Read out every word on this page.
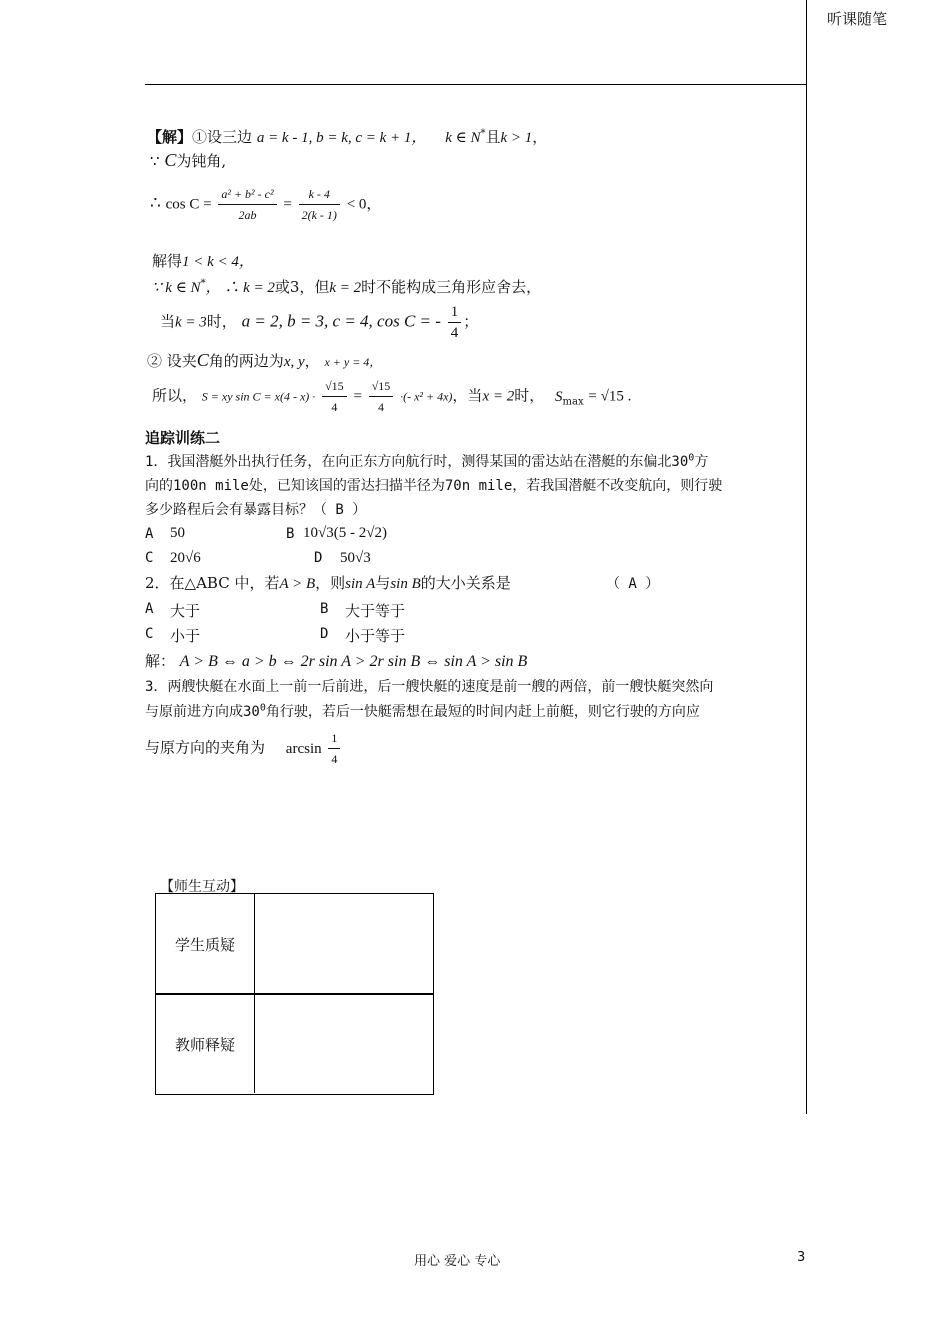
听课随笔
【解】①设三边 a = k - 1, b = k, c = k + 1， k ∈ N*且k > 1，
∵ C为钝角,
∴ $\cos C = \frac{\text{a² + b² - c²}}{2ab} = \frac{k - 4}{2(k - 1)} < 0$，
解得1 < k < 4，
∵ k ∈ N*， ∴ k = 2或3，但k = 2时不能构成三角形应舍去，
当k = 3时， a = 2, b = 3, c = 4, cos C = - $\frac{1}{4}$ ；
② 设夹C角的两边为x, y， x + y = 4，
所以， S = xy $\sin C = x(4 - x) \cdot \frac{√15}{4} = \frac{√15}{4}$ ·(- x² + 4x)，当x = 2时， $S_{max} = √15$ .
追踪训练二
1．我国潜艇外出执行任务，在向正东方向航行时，测得某国的雷达站在潜艇的东偏北$30^0$方
向的100n mile处，已知该国的雷达扫描半径为70n mile，若我国潜艇不改变航向，则行驶
多少路程后会有暴露目标？（ B ）
A 50	B 10√3(5 - 2√2)
C 20√6	D 50√3
2．在△ABC 中，若A > B，则sin A与sin B的大小关系是	（ A ）
A 大于	B 大于等于
C 小于	D 小于等于
解： A > B ⇔ a > b ⇔ 2r sin A > 2r sin B ⇔ sin A > sin B
3．两艘快艇在水面上一前一后前进，后一艘快艇的速度是前一艘的两倍，前一艘快艇突然向
与原前进方向成$30^0$角行驶，若后一快艇需想在最短的时间内赶上前艇，则它行驶的方向应
与原方向的夹角为 $\arcsin \frac{1}{4}$
【师生互动】
学生质疑
教师释疑
用心 爱心 专心	3
